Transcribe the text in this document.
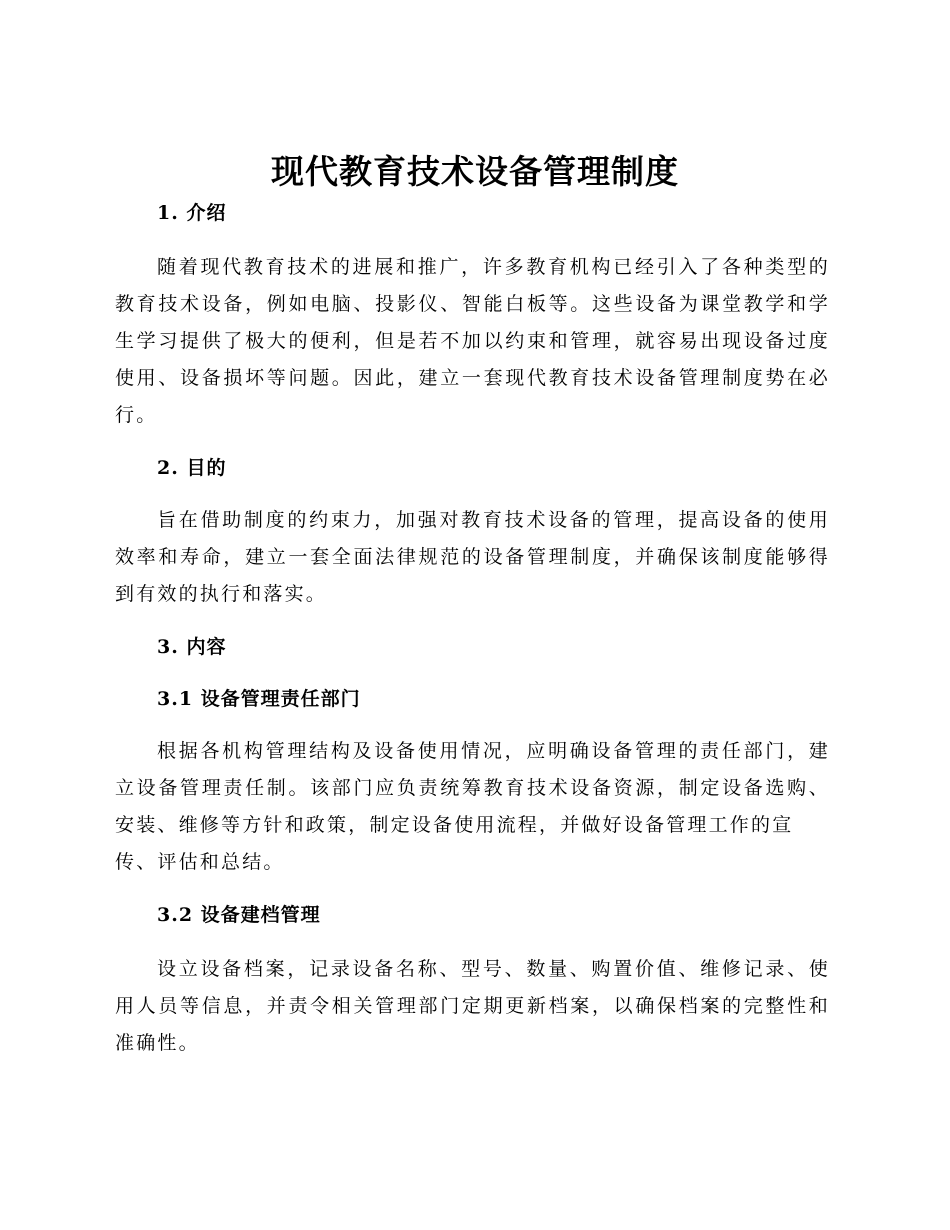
现代教育技术设备管理制度
1. 介绍
随着现代教育技术的进展和推广，许多教育机构已经引入了各种类型的
教育技术设备，例如电脑、投影仪、智能白板等。这些设备为课堂教学和学
生学习提供了极大的便利，但是若不加以约束和管理，就容易出现设备过度
使用、设备损坏等问题。因此，建立一套现代教育技术设备管理制度势在必
行。
2. 目的
旨在借助制度的约束力，加强对教育技术设备的管理，提高设备的使用
效率和寿命，建立一套全面法律规范的设备管理制度，并确保该制度能够得
到有效的执行和落实。
3. 内容
3.1 设备管理责任部门
根据各机构管理结构及设备使用情况，应明确设备管理的责任部门，建
立设备管理责任制。该部门应负责统筹教育技术设备资源，制定设备选购、
安装、维修等方针和政策，制定设备使用流程，并做好设备管理工作的宣
传、评估和总结。
3.2 设备建档管理
设立设备档案，记录设备名称、型号、数量、购置价值、维修记录、使
用人员等信息，并责令相关管理部门定期更新档案，以确保档案的完整性和
准确性。
